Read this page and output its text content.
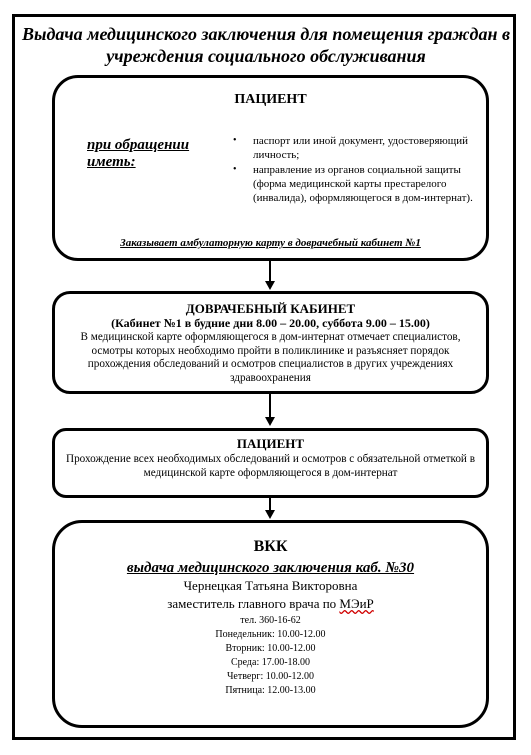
Выдача медицинского заключения для помещения граждан в учреждения социального обслуживания
ПАЦИЕНТ
при обращении иметь:
• паспорт или иной документ, удостоверяющий личность;
• направление из органов социальной защиты (форма медицинской карты престарелого (инвалида), оформляющегося в дом-интернат).
Заказывает амбулаторную карту в доврачебный кабинет №1
ДОВРАЧЕБНЫЙ КАБИНЕТ
(Кабинет №1 в будние дни 8.00 – 20.00, суббота 9.00 – 15.00)
В медицинской карте оформляющегося в дом-интернат отмечает специалистов, осмотры которых необходимо пройти в поликлинике и разъясняет порядок прохождения обследований и осмотров специалистов в других учреждениях здравоохранения
ПАЦИЕНТ
Прохождение всех необходимых обследований и осмотров с обязательной отметкой в медицинской карте оформляющегося в дом-интернат
ВКК
выдача медицинского заключения каб. №30
Чернецкая Татьяна Викторовна
заместитель главного врача по МЭиР
тел. 360-16-62
Понедельник: 10.00-12.00
Вторник: 10.00-12.00
Среда: 17.00-18.00
Четверг: 10.00-12.00
Пятница: 12.00-13.00
